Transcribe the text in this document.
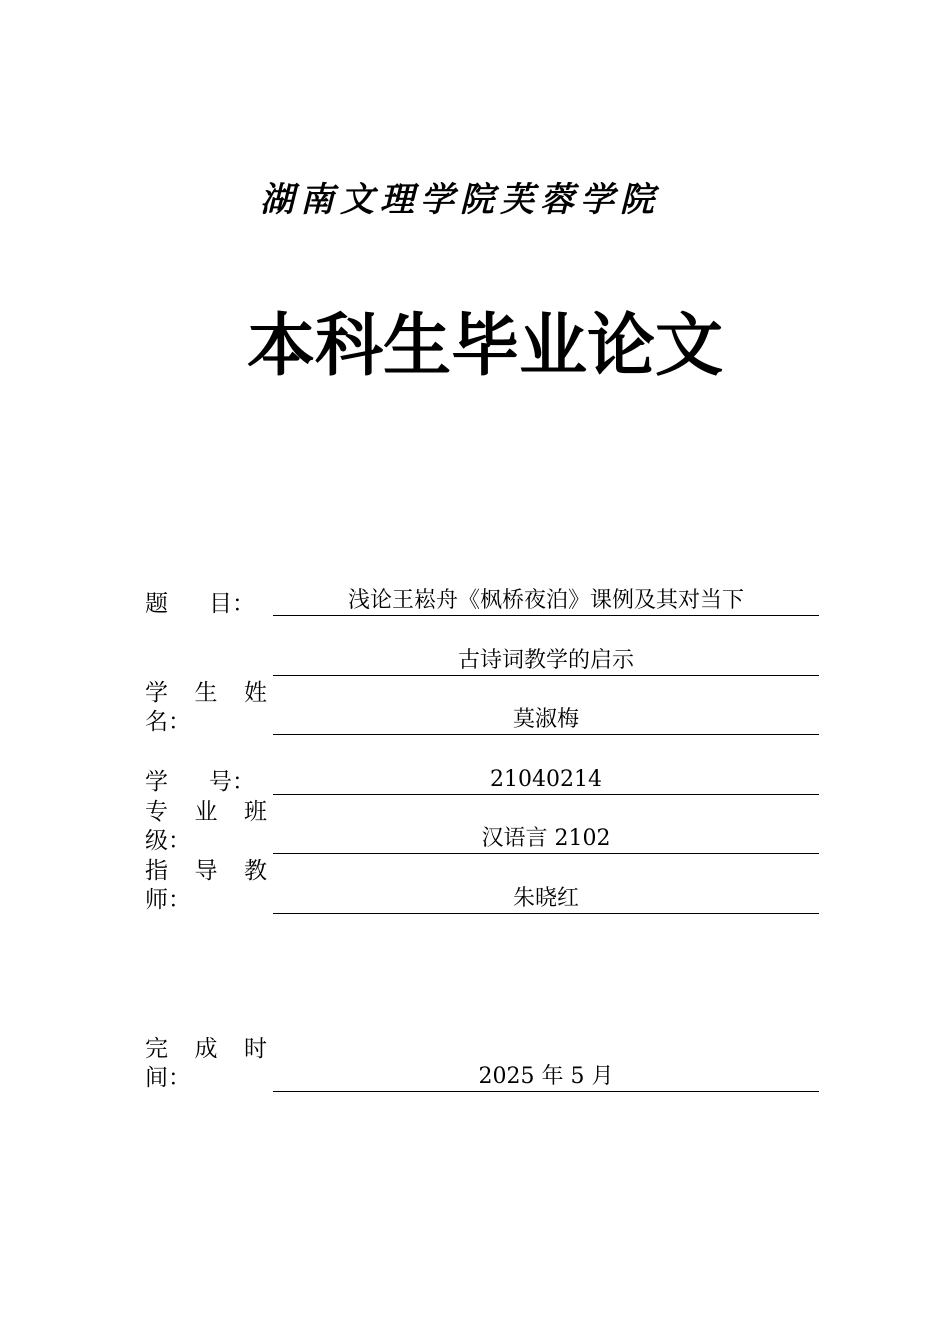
湖南文理学院芙蓉学院
本科生毕业论文
题 目：	浅论王崧舟《枫桥夜泊》课例及其对当下
古诗词教学的启示
学 生 姓
名：	莫淑梅
学 号：	21040214
专 业 班
级：	汉语言 2102
指 导 教
师：	朱晓红
完 成 时
间：	2025 年 5 月
